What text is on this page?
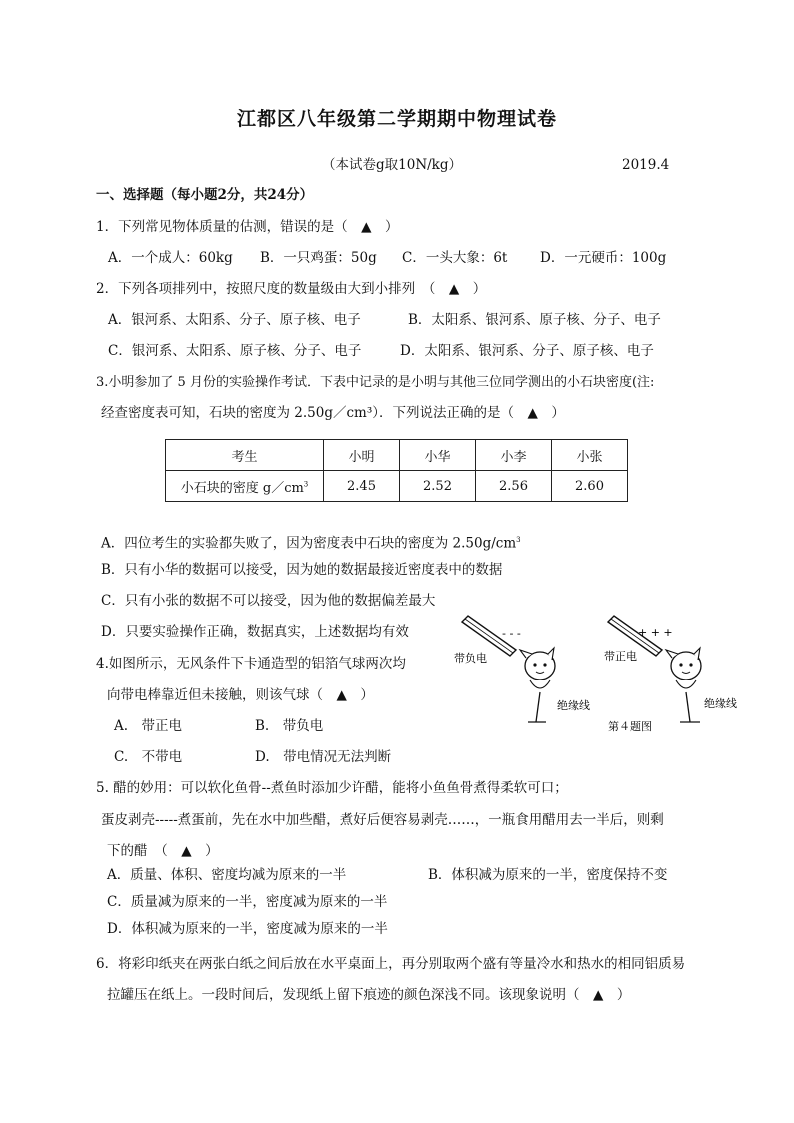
江都区八年级第二学期期中物理试卷
（本试卷g取10N/kg）	2019.4
一、选择题（每小题2分，共24分）
1．下列常见物体质量的估测，错误的是（　▲　）
A．一个成人：60kg B．一只鸡蛋：50g C．一头大象：6t D．一元硬币：100g
2．下列各项排列中，按照尺度的数量级由大到小排列　（　▲　）
A．银河系、太阳系、分子、原子核、电子	B．太阳系、银河系、原子核、分子、电子
C．银河系、太阳系、原子核、分子、电子	D．太阳系、银河系、分子、原子核、电子
3.小明参加了 5 月份的实验操作考试．下表中记录的是小明与其他三位同学测出的小石块密度(注:
经查密度表可知，石块的密度为 2.50g／cm³）．下列说法正确的是（　▲　）
考生	小明	小华	小李	小张
小石块的密度 $g/cm^3$	2.45	2.52	2.56	2.60
A．四位考生的实验都失败了，因为密度表中石块的密度为 $2.50g/cm^3$
B．只有小华的数据可以接受，因为她的数据最接近密度表中的数据
C．只有小张的数据不可以接受，因为他的数据偏差最大
D．只要实验操作正确，数据真实，上述数据均有效
4.如图所示，无风条件下卡通造型的铝箔气球两次均
向带电棒靠近但未接触，则该气球（　▲　）
A.　带正电	B.　带负电
C.　不带电	D.　带电情况无法判断
- - -
带负电
绝缘线
+ + +
带正电
绝缘线
第４题图
5. 醋的妙用：可以软化鱼骨--煮鱼时添加少许醋，能将小鱼鱼骨煮得柔软可口；
蛋皮剥壳-----煮蛋前，先在水中加些醋，煮好后便容易剥壳……，一瓶食用醋用去一半后，则剩
下的醋　（　▲　）
A．质量、体积、密度均减为原来的一半	B．体积减为原来的一半，密度保持不变
C．质量减为原来的一半，密度减为原来的一半
D．体积减为原来的一半，密度减为原来的一半
6．将彩印纸夹在两张白纸之间后放在水平桌面上，再分别取两个盛有等量冷水和热水的相同铝质易
拉罐压在纸上。一段时间后，发现纸上留下痕迹的颜色深浅不同。该现象说明（　▲　）
